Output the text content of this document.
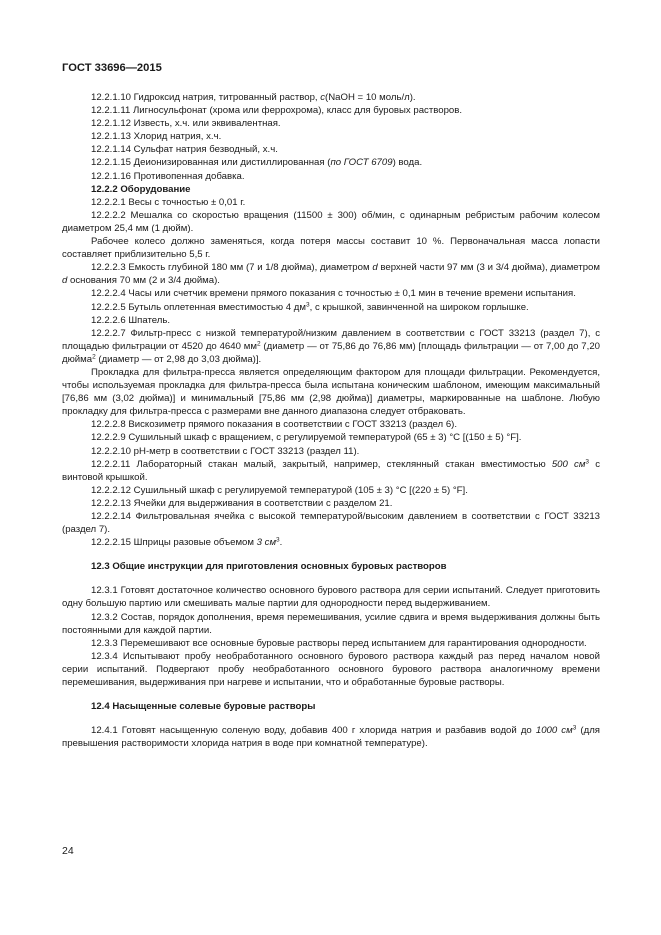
ГОСТ 33696—2015

12.2.1.10 Гидроксид натрия, титрованный раствор, с(NaOH = 10 моль/л).

12.2.1.11 Лигносульфонат (хрома или феррохрома), класс для буровых растворов.

12.2.1.12 Известь, х.ч. или эквивалентная.

12.2.1.13 Хлорид натрия, х.ч.

12.2.1.14 Сульфат натрия безводный, х.ч.

12.2.1.15 Деионизированная или дистиллированная (по ГОСТ 6709) вода.

12.2.1.16 Противопенная добавка.

12.2.2 Оборудование

12.2.2.1 Весы с точностью ± 0,01 г.

12.2.2.2 Мешалка со скоростью вращения (11500 ± 300) об/мин, с одинарным ребристым рабочим колесом диаметром 25,4 мм (1 дюйм).

Рабочее колесо должно заменяться, когда потеря массы составит 10 %. Первоначальная масса лопасти составляет приблизительно 5,5 г.

12.2.2.3 Емкость глубиной 180 мм (7 и 1/8 дюйма), диаметром d верхней части 97 мм (3 и 3/4 дюйма), диаметром d основания 70 мм (2 и 3/4 дюйма).

12.2.2.4 Часы или счетчик времени прямого показания с точностью ± 0,1 мин в течение времени испытания.

12.2.2.5 Бутыль оплетенная вместимостью 4 $дм^3$, с крышкой, завинченной на широком горлышке.

12.2.2.6 Шпатель.

12.2.2.7 Фильтр-пресс с низкой температурой/низким давлением в соответствии с ГОСТ 33213 (раздел 7), с площадью фильтрации от 4520 до 4640 $мм^2$ (диаметр — от 75,86 до 76,86 мм) [площадь фильтрации — от 7,00 до 7,20 дюйма$^2$ (диаметр — от 2,98 до 3,03 дюйма)].

Прокладка для фильтра-пресса является определяющим фактором для площади фильтрации. Рекомендуется, чтобы используемая прокладка для фильтра-пресса была испытана коническим шаблоном, имеющим максимальный [76,86 мм (3,02 дюйма)] и минимальный [75,86 мм (2,98 дюйма)] диаметры, маркированные на шаблоне. Любую прокладку для фильтра-пресса с размерами вне данного диапазона следует отбраковать.

12.2.2.8 Вискозиметр прямого показания в соответствии с ГОСТ 33213 (раздел 6).

12.2.2.9 Сушильный шкаф с вращением, с регулируемой температурой (65 ± 3) °С [(150 ± 5) °F].

12.2.2.10 pH-метр в соответствии с ГОСТ 33213 (раздел 11).

12.2.2.11 Лабораторный стакан малый, закрытый, например, стеклянный стакан вместимостью 500 $см^3$ с винтовой крышкой.

12.2.2.12 Сушильный шкаф с регулируемой температурой (105 ± 3) °С [(220 ± 5) °F].

12.2.2.13 Ячейки для выдерживания в соответствии с разделом 21.

12.2.2.14 Фильтровальная ячейка с высокой температурой/высоким давлением в соответствии с ГОСТ 33213 (раздел 7).

12.2.2.15 Шприцы разовые объемом 3 $см^3$.

12.3 Общие инструкции для приготовления основных буровых растворов

12.3.1 Готовят достаточное количество основного бурового раствора для серии испытаний. Следует приготовить одну большую партию или смешивать малые партии для однородности перед выдерживанием.

12.3.2 Состав, порядок дополнения, время перемешивания, усилие сдвига и время выдерживания должны быть постоянными для каждой партии.

12.3.3 Перемешивают все основные буровые растворы перед испытанием для гарантирования однородности.

12.3.4 Испытывают пробу необработанного основного бурового раствора каждый раз перед началом новой серии испытаний. Подвергают пробу необработанного основного бурового раствора аналогичному времени перемешивания, выдерживания при нагреве и испытании, что и обработанные буровые растворы.

12.4 Насыщенные солевые буровые растворы

12.4.1 Готовят насыщенную соленую воду, добавив 400 г хлорида натрия и разбавив водой до 1000 $см^3$ (для превышения растворимости хлорида натрия в воде при комнатной температуре).

24
